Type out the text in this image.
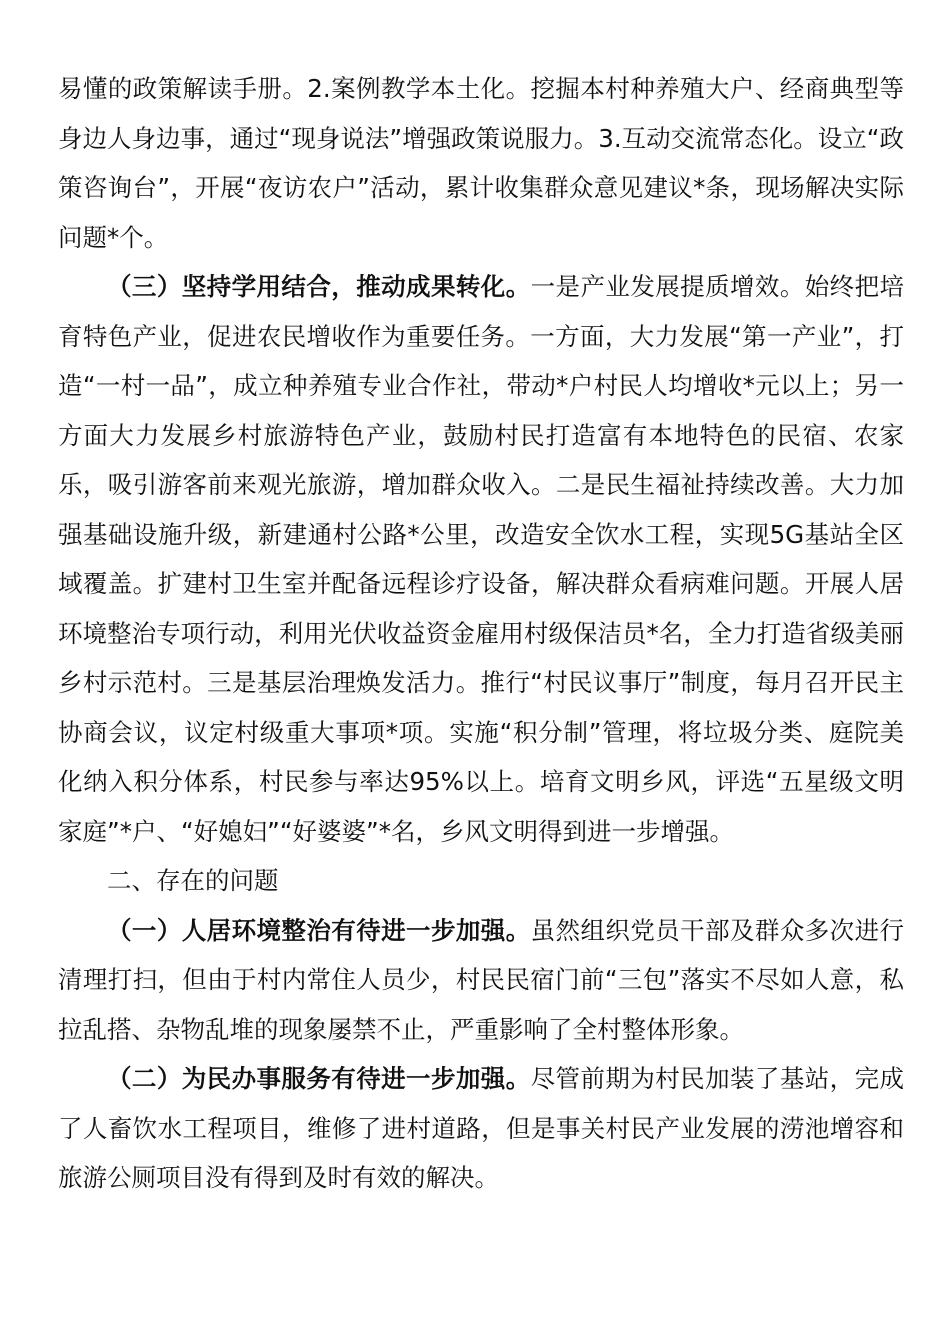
易懂的政策解读手册。2.案例教学本土化。挖掘本村种养殖大户、经商典型等身边人身边事，通过“现身说法”增强政策说服力。3.互动交流常态化。设立“政策咨询台”，开展“夜访农户”活动，累计收集群众意见建议*条，现场解决实际问题*个。

（三）坚持学用结合，推动成果转化。一是产业发展提质增效。始终把培育特色产业，促进农民增收作为重要任务。一方面，大力发展“第一产业”，打造“一村一品”，成立种养殖专业合作社，带动*户村民人均增收*元以上；另一方面大力发展乡村旅游特色产业，鼓励村民打造富有本地特色的民宿、农家乐，吸引游客前来观光旅游，增加群众收入。二是民生福祉持续改善。大力加强基础设施升级，新建通村公路*公里，改造安全饮水工程，实现5G基站全区域覆盖。扩建村卫生室并配备远程诊疗设备，解决群众看病难问题。开展人居环境整治专项行动，利用光伏收益资金雇用村级保洁员*名，全力打造省级美丽乡村示范村。三是基层治理焕发活力。推行“村民议事厅”制度，每月召开民主协商会议，议定村级重大事项*项。实施“积分制”管理，将垃圾分类、庭院美化纳入积分体系，村民参与率达95%以上。培育文明乡风，评选“五星级文明家庭”*户、“好媳妇”“好婆婆”*名，乡风文明得到进一步增强。

二、存在的问题

（一）人居环境整治有待进一步加强。虽然组织党员干部及群众多次进行清理打扫，但由于村内常住人员少，村民民宿门前“三包”落实不尽如人意，私拉乱搭、杂物乱堆的现象屡禁不止，严重影响了全村整体形象。

（二）为民办事服务有待进一步加强。尽管前期为村民加装了基站，完成了人畜饮水工程项目，维修了进村道路，但是事关村民产业发展的涝池增容和旅游公厕项目没有得到及时有效的解决。
